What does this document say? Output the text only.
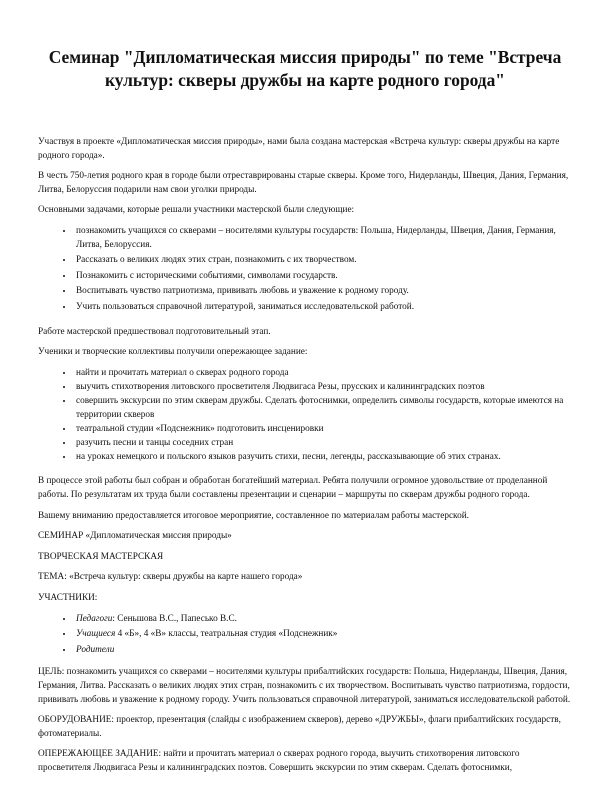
Семинар "Дипломатическая миссия природы" по теме "Встреча культур: скверы дружбы на карте родного города"

Участвуя в проекте «Дипломатическая миссия природы», нами была создана мастерская «Встреча культур: скверы дружбы на карте родного города».

В честь 750-летия родного края в городе были отреставрированы старые скверы. Кроме того, Нидерланды, Швеция, Дания, Германия, Литва, Белоруссия подарили нам свои уголки природы.

Основными задачами, которые решали участники мастерской были следующие:

• познакомить учащихся со скверами – носителями культуры государств: Польша, Нидерланды, Швеция, Дания, Германия, Литва, Белоруссия.
• Рассказать о великих людях этих стран, познакомить с их творчеством.
• Познакомить с историческими событиями, символами государств.
• Воспитывать чувство патриотизма, прививать любовь и уважение к родному городу.
• Учить пользоваться справочной литературой, заниматься исследовательской работой.

Работе мастерской предшествовал подготовительный этап.

Ученики и творческие коллективы получили опережающее задание:

• найти и прочитать материал о скверах родного города
• выучить стихотворения литовского просветителя Людвигаса Резы, прусских и калининградских поэтов
• совершить экскурсии по этим скверам дружбы. Сделать фотоснимки, определить символы государств, которые имеются на территории скверов
• театральной студии «Подснежник» подготовить инсценировки
• разучить песни и танцы соседних стран
• на уроках немецкого и польского языков разучить стихи, песни, легенды, рассказывающие об этих странах.

В процессе этой работы был собран и обработан богатейший материал. Ребята получили огромное удовольствие от проделанной работы. По результатам их труда были составлены презентации и сценарии – маршруты по скверам дружбы родного города.

Вашему вниманию предоставляется итоговое мероприятие, составленное по материалам работы мастерской.

СЕМИНАР «Дипломатическая миссия природы»

ТВОРЧЕСКАЯ МАСТЕРСКАЯ

ТЕМА: «Встреча культур: скверы дружбы на карте нашего города»

УЧАСТНИКИ:

• Педагоги: Сеньшова В.С., Папесько В.С.
• Учащиеся 4 «Б», 4 «В» классы, театральная студия «Подснежник»
• Родители

ЦЕЛЬ: познакомить учащихся со скверами – носителями культуры прибалтийских государств: Польша, Нидерланды, Швеция, Дания, Германия, Литва. Рассказать о великих людях этих стран, познакомить с их творчеством. Воспитывать чувство патриотизма, гордости, прививать любовь и уважение к родному городу. Учить пользоваться справочной литературой, заниматься исследовательской работой.

ОБОРУДОВАНИЕ: проектор, презентация (слайды с изображением скверов), дерево «ДРУЖБЫ», флаги прибалтийских государств, фотоматериалы.

ОПЕРЕЖАЮЩЕЕ ЗАДАНИЕ: найти и прочитать материал о скверах родного города, выучить стихотворения литовского просветителя Людвигаса Резы и калининградских поэтов. Совершить экскурсии по этим скверам. Сделать фотоснимки,
